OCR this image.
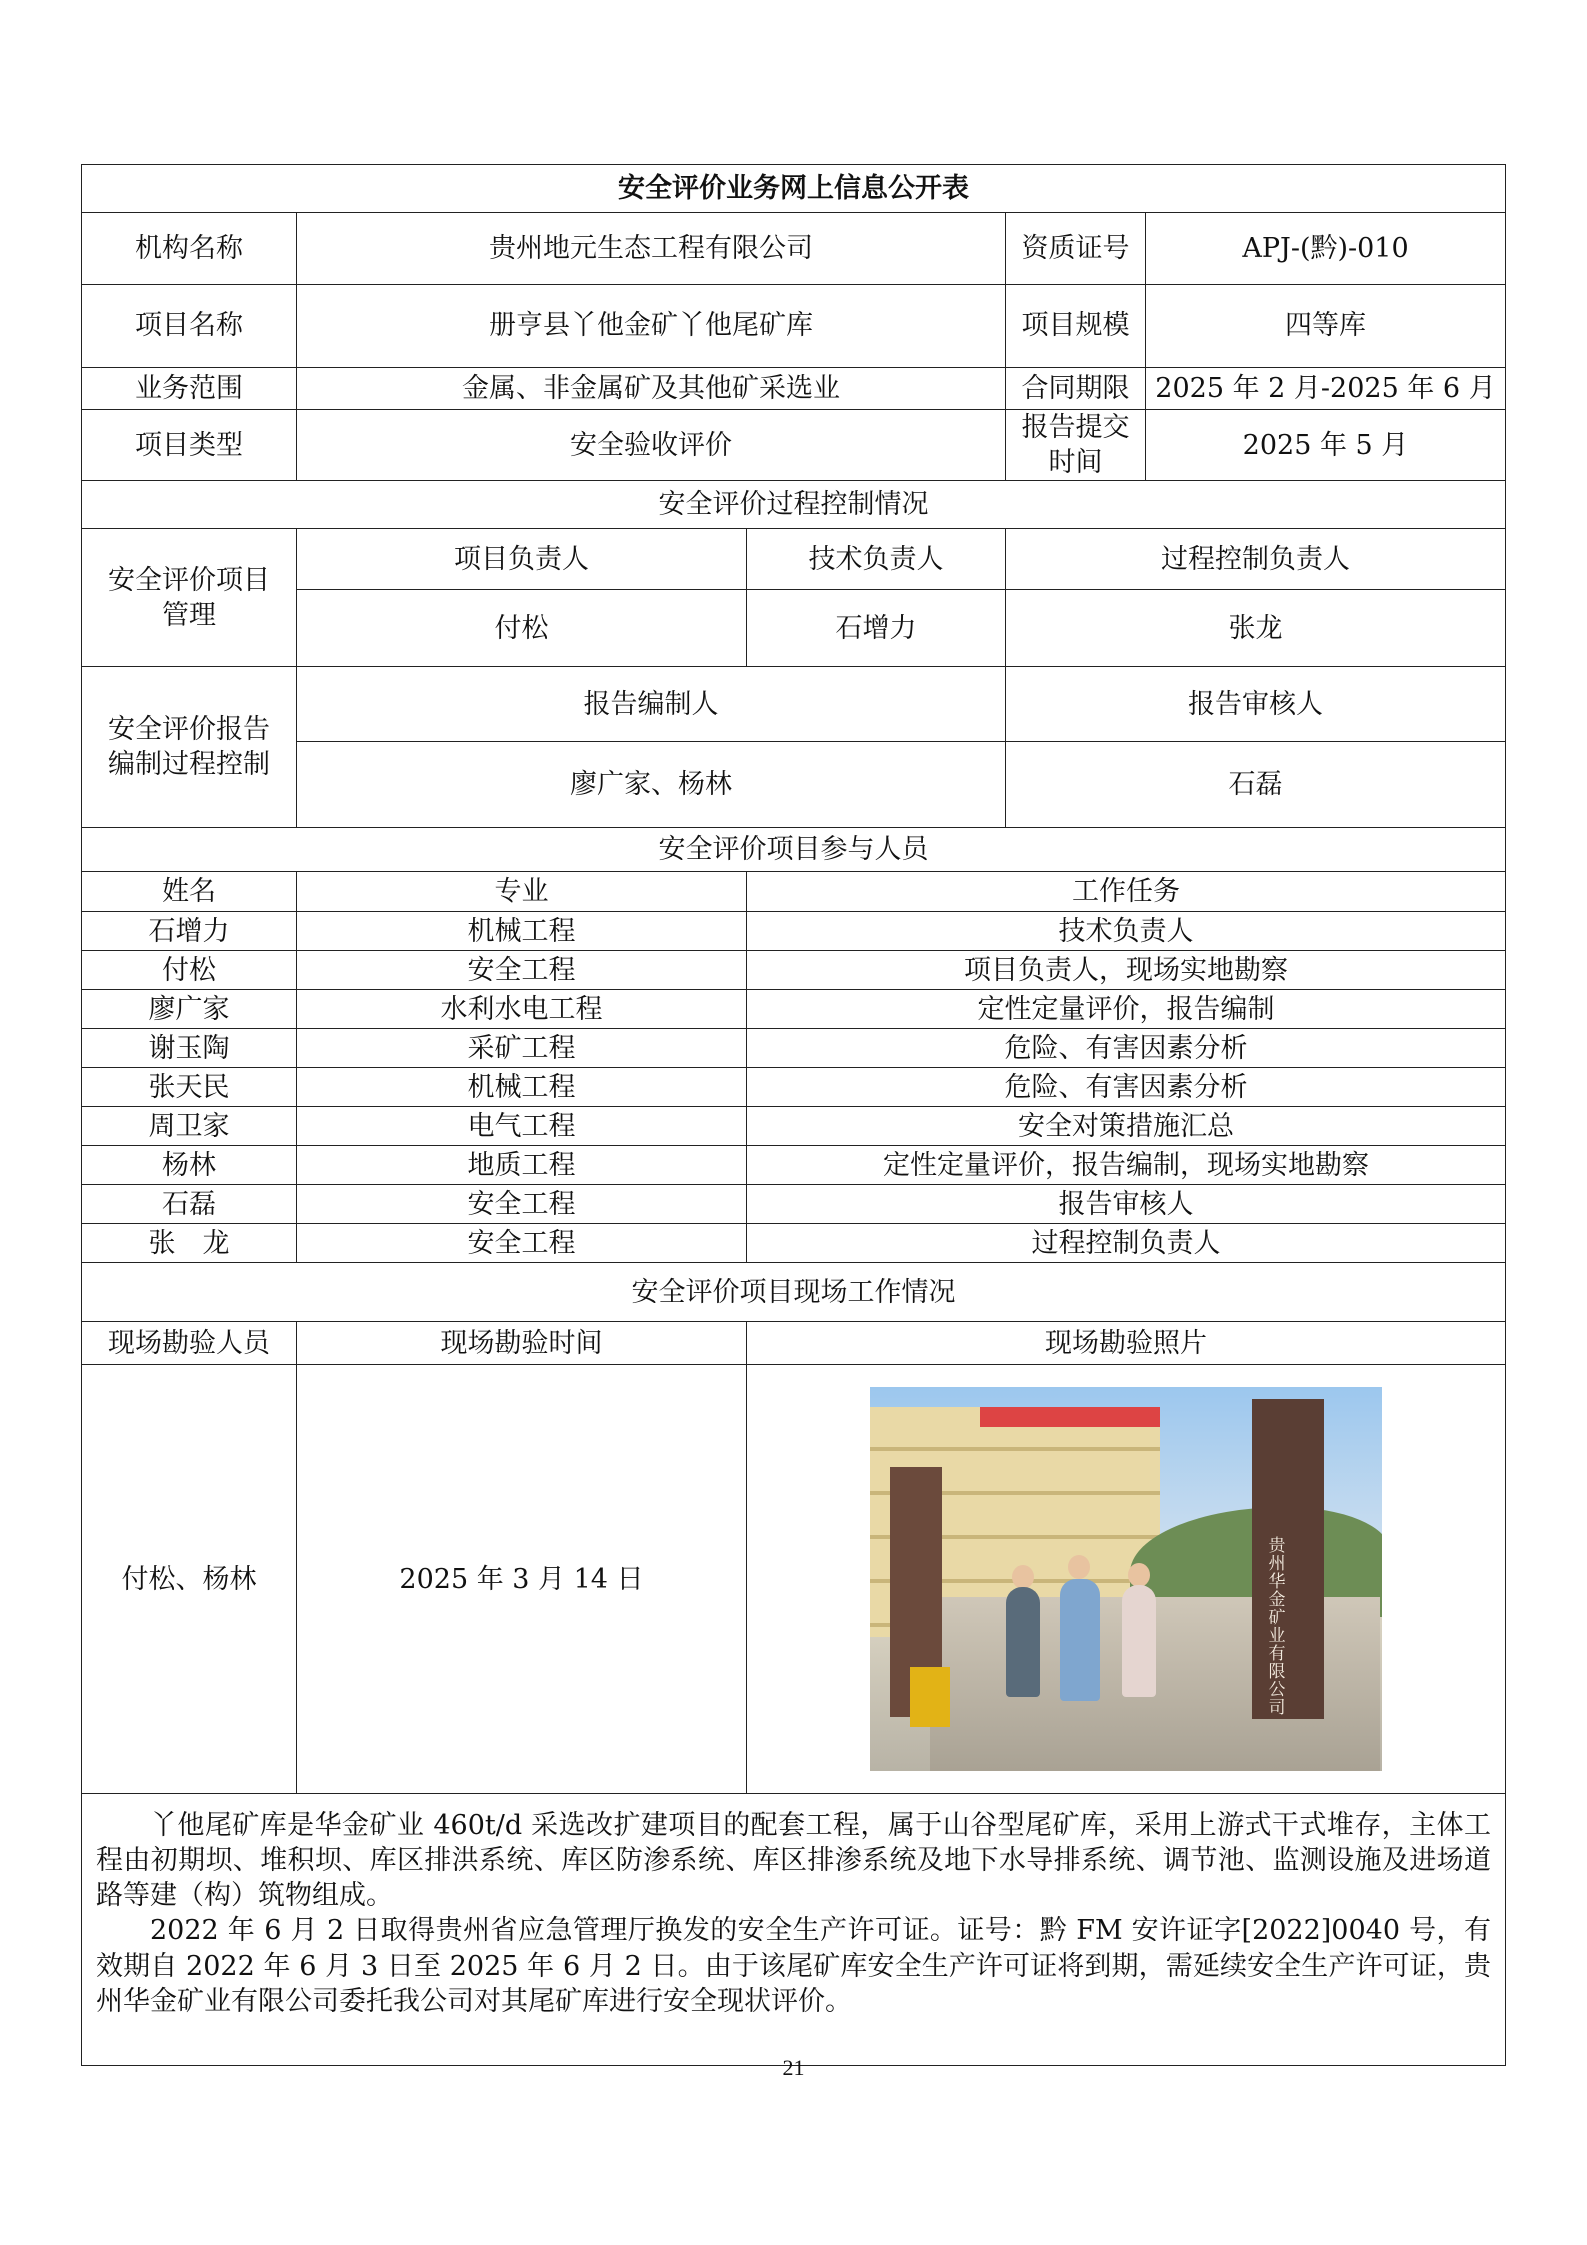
安全评价业务网上信息公开表				
机构名称	贵州地元生态工程有限公司		资质证号	APJ-(黔)-010
项目名称	册亨县丫他金矿丫他尾矿库		项目规模	四等库
业务范围	金属、非金属矿及其他矿采选业		合同期限	2025 年 2 月-2025 年 6 月
项目类型	安全验收评价		报告提交时间	2025 年 5 月
安全评价过程控制情况				
安全评价项目管理	项目负责人	技术负责人	过程控制负责人	
	付松	石增力	张龙	
安全评价报告编制过程控制	报告编制人		报告审核人	
	廖广家、杨林		石磊	
安全评价项目参与人员				
姓名	专业	工作任务		
石增力	机械工程	技术负责人		
付松	安全工程	项目负责人，现场实地勘察		
廖广家	水利水电工程	定性定量评价，报告编制		
谢玉陶	采矿工程	危险、有害因素分析		
张天民	机械工程	危险、有害因素分析		
周卫家	电气工程	安全对策措施汇总		
杨林	地质工程	定性定量评价，报告编制，现场实地勘察		
石磊	安全工程	报告审核人		
张　龙	安全工程	过程控制负责人		
安全评价项目现场工作情况				
现场勘验人员	现场勘验时间	现场勘验照片		
付松、杨林	2025 年 3 月 14 日	贵州华金矿业有限公司		

丫他尾矿库是华金矿业 460t/d 采选改扩建项目的配套工程，属于山谷型尾矿库，采用上游式干式堆存，主体工程由初期坝、堆积坝、库区排洪系统、库区防渗系统、库区排渗系统及地下水导排系统、调节池、监测设施及进场道路等建（构）筑物组成。

2022 年 6 月 2 日取得贵州省应急管理厅换发的安全生产许可证。证号：黔 FM 安许证字[2022]0040 号，有效期自 2022 年 6 月 3 日至 2025 年 6 月 2 日。由于该尾矿库安全生产许可证将到期，需延续安全生产许可证，贵州华金矿业有限公司委托我公司对其尾矿库进行安全现状评价。				

21
